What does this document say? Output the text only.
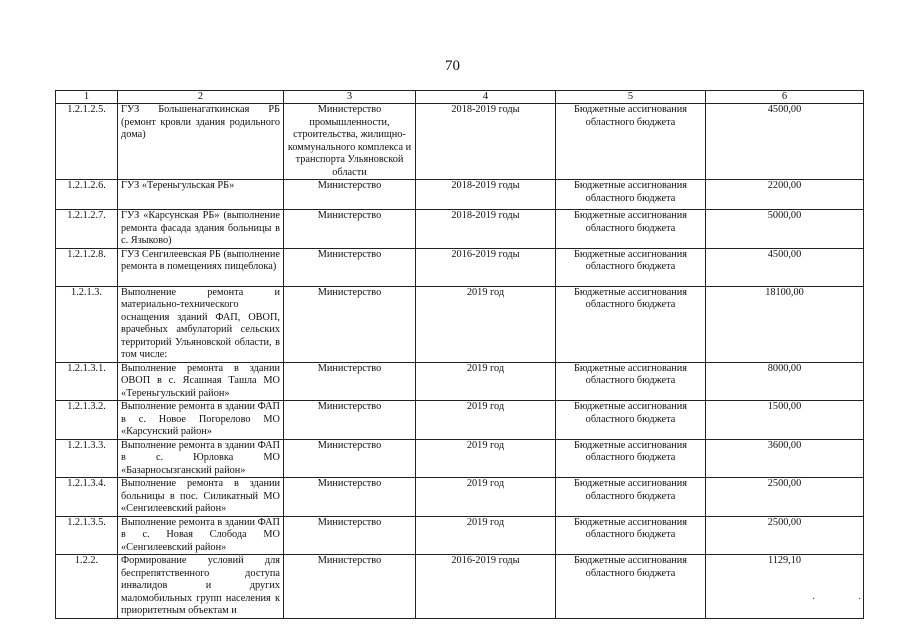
70
1	2	3	4	5	6
1.2.1.2.5.	ГУЗ Большенагаткинская РБ (ремонт кровли здания родильного дома)	Министерство промышленности, строительства, жилищно-коммунального комплекса и транспорта Ульяновской области	2018-2019 годы	Бюджетные ассигнования областного бюджета	4500,00
1.2.1.2.6.	ГУЗ «Тереньгульская РБ»	Министерство	2018-2019 годы	Бюджетные ассигнования областного бюджета	2200,00
1.2.1.2.7.	ГУЗ «Карсунская РБ» (выполнение ремонта фасада здания больницы в с. Языково)	Министерство	2018-2019 годы	Бюджетные ассигнования областного бюджета	5000,00
1.2.1.2.8.	ГУЗ Сенгилеевская РБ (выполнение ремонта в помещениях пищеблока)	Министерство	2016-2019 годы	Бюджетные ассигнования областного бюджета	4500,00
1.2.1.3.	Выполнение ремонта и материально-технического оснащения зданий ФАП, ОВОП, врачебных амбулаторий сельских территорий Ульяновской области, в том числе:	Министерство	2019 год	Бюджетные ассигнования областного бюджета	18100,00
1.2.1.3.1.	Выполнение ремонта в здании ОВОП в с. Ясашная Ташла МО «Тереньгульский район»	Министерство	2019 год	Бюджетные ассигнования областного бюджета	8000,00
1.2.1.3.2.	Выполнение ремонта в здании ФАП в с. Новое Погорелово МО «Карсунский район»	Министерство	2019 год	Бюджетные ассигнования областного бюджета	1500,00
1.2.1.3.3.	Выполнение ремонта в здании ФАП в с. Юрловка МО «Базарносызганский район»	Министерство	2019 год	Бюджетные ассигнования областного бюджета	3600,00
1.2.1.3.4.	Выполнение ремонта в здании больницы в пос. Силикатный МО «Сенгилеевский район»	Министерство	2019 год	Бюджетные ассигнования областного бюджета	2500,00
1.2.1.3.5.	Выполнение ремонта в здании ФАП в с. Новая Слобода МО «Сенгилеевский район»	Министерство	2019 год	Бюджетные ассигнования областного бюджета	2500,00
1.2.2.	Формирование условий для беспрепятственного доступа инвалидов и других маломобильных групп населения к приоритетным объектам и	Министерство	2016-2019 годы	Бюджетные ассигнования областного бюджета	1129,10
· ·
